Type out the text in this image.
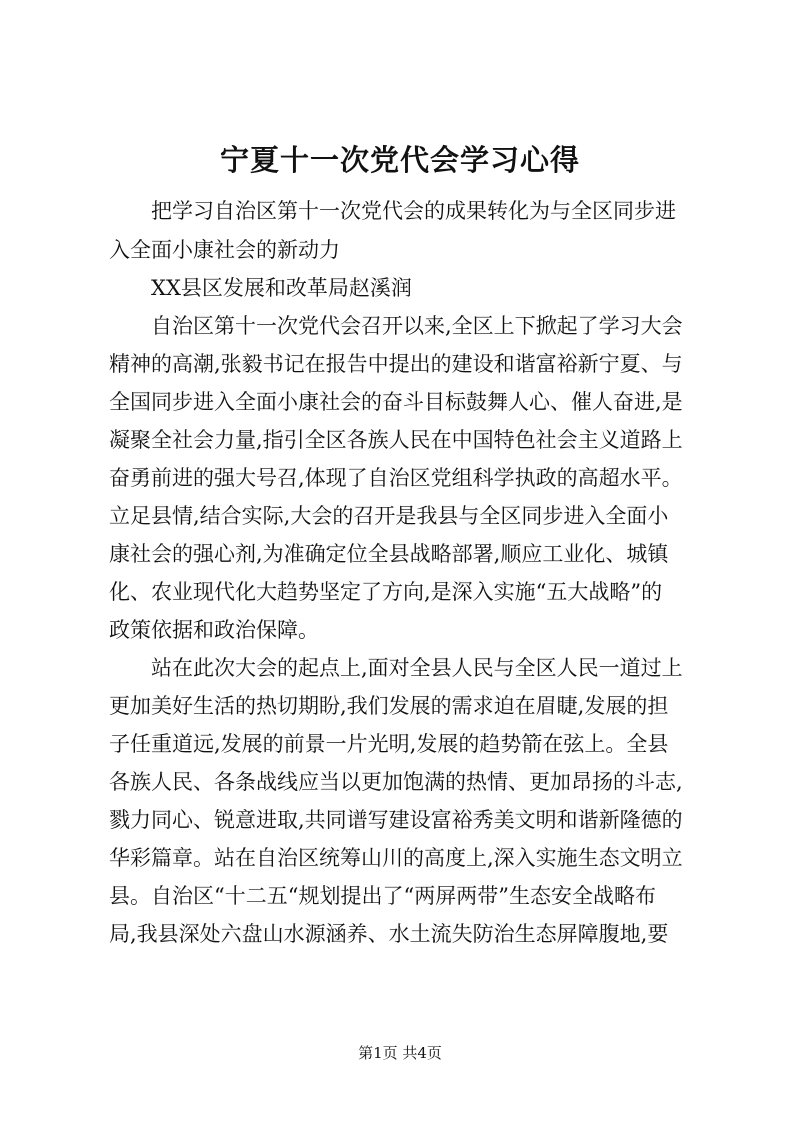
宁夏十一次党代会学习心得
把学习自治区第十一次党代会的成果转化为与全区同步进
入全面小康社会的新动力
XX县区发展和改革局赵溪润
自治区第十一次党代会召开以来,全区上下掀起了学习大会
精神的高潮,张毅书记在报告中提出的建设和谐富裕新宁夏、与
全国同步进入全面小康社会的奋斗目标鼓舞人心、催人奋进,是
凝聚全社会力量,指引全区各族人民在中国特色社会主义道路上
奋勇前进的强大号召,体现了自治区党组科学执政的高超水平。
立足县情,结合实际,大会的召开是我县与全区同步进入全面小
康社会的强心剂,为准确定位全县战略部署,顺应工业化、城镇
化、农业现代化大趋势坚定了方向,是深入实施“五大战略”的
政策依据和政治保障。
站在此次大会的起点上,面对全县人民与全区人民一道过上
更加美好生活的热切期盼,我们发展的需求迫在眉睫,发展的担
子任重道远,发展的前景一片光明,发展的趋势箭在弦上。全县
各族人民、各条战线应当以更加饱满的热情、更加昂扬的斗志,
戮力同心、锐意进取,共同谱写建设富裕秀美文明和谐新隆德的
华彩篇章。站在自治区统筹山川的高度上,深入实施生态文明立
县。自治区“十二五“规划提出了“两屏两带”生态安全战略布
局,我县深处六盘山水源涵养、水土流失防治生态屏障腹地,要
第1页 共4页
